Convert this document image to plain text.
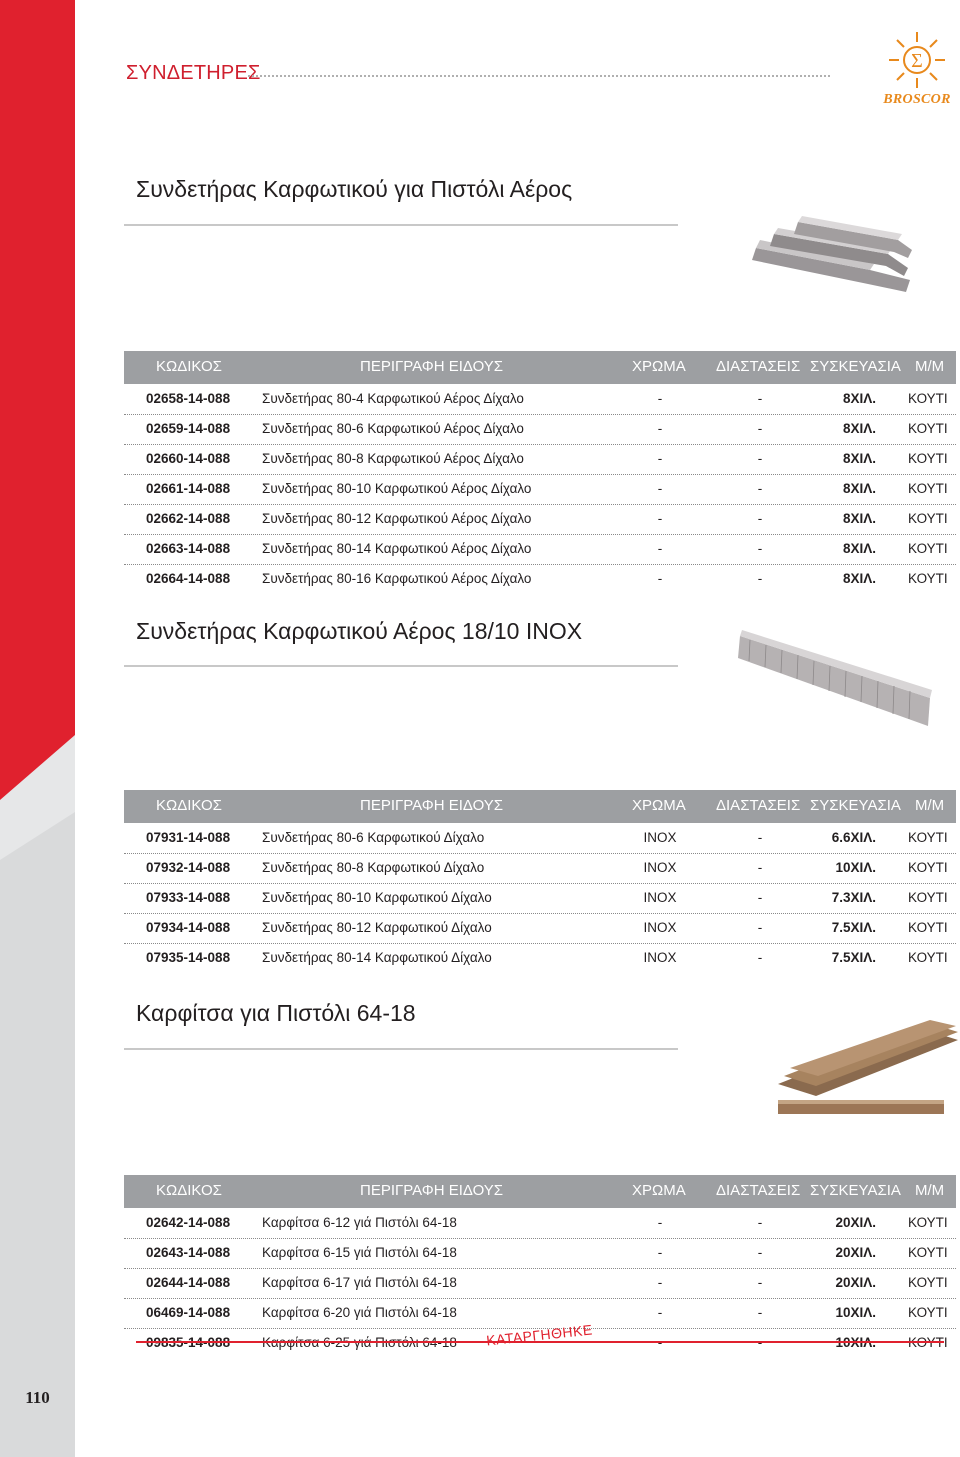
110
ΣΥΝΔΕΤΗΡΕΣ
Σ
BROSCOR
Συνδετήρας Καρφωτικού για Πιστόλι Αέρος
ΚΩΔΙΚΟΣ	ΠΕΡΙΓΡΑΦΗ ΕΙΔΟΥΣ	ΧΡΩΜΑ ΔΙΑΣΤΑΣΕΙΣ ΣΥΣΚΕΥΑΣΙΑ Μ/Μ
02658-14-088 Συνδετήρας 80-4 Καρφωτικού Αέρος Δίχαλο	-	-	8ΧΙΛ. ΚΟΥΤΙ
02659-14-088 Συνδετήρας 80-6 Καρφωτικού Αέρος Δίχαλο	-	-	8ΧΙΛ. ΚΟΥΤΙ
02660-14-088 Συνδετήρας 80-8 Καρφωτικού Αέρος Δίχαλο	-	-	8ΧΙΛ. ΚΟΥΤΙ
02661-14-088 Συνδετήρας 80-10 Καρφωτικού Αέρος Δίχαλο	-	-	8ΧΙΛ. ΚΟΥΤΙ
02662-14-088 Συνδετήρας 80-12 Καρφωτικού Αέρος Δίχαλο	-	-	8ΧΙΛ. ΚΟΥΤΙ
02663-14-088 Συνδετήρας 80-14 Καρφωτικού Αέρος Δίχαλο	-	-	8ΧΙΛ. ΚΟΥΤΙ
02664-14-088 Συνδετήρας 80-16 Καρφωτικού Αέρος Δίχαλο	-	-	8ΧΙΛ. ΚΟΥΤΙ
Συνδετήρας Καρφωτικού Αέρος 18/10 INOX
ΚΩΔΙΚΟΣ	ΠΕΡΙΓΡΑΦΗ ΕΙΔΟΥΣ	ΧΡΩΜΑ ΔΙΑΣΤΑΣΕΙΣ ΣΥΣΚΕΥΑΣΙΑ Μ/Μ
07931-14-088 Συνδετήρας 80-6 Καρφωτικού Δίχαλο	INOX	-	6.6ΧΙΛ. ΚΟΥΤΙ
07932-14-088 Συνδετήρας 80-8 Καρφωτικού Δίχαλο	INOX	-	10ΧΙΛ. ΚΟΥΤΙ
07933-14-088 Συνδετήρας 80-10 Καρφωτικού Δίχαλο	INOX	-	7.3ΧΙΛ. ΚΟΥΤΙ
07934-14-088 Συνδετήρας 80-12 Καρφωτικού Δίχαλο	INOX	-	7.5ΧΙΛ. ΚΟΥΤΙ
07935-14-088 Συνδετήρας 80-14 Καρφωτικού Δίχαλο	INOX	-	7.5ΧΙΛ. ΚΟΥΤΙ
Καρφίτσα για Πιστόλι 64-18
ΚΩΔΙΚΟΣ	ΠΕΡΙΓΡΑΦΗ ΕΙΔΟΥΣ	ΧΡΩΜΑ ΔΙΑΣΤΑΣΕΙΣ ΣΥΣΚΕΥΑΣΙΑ Μ/Μ
02642-14-088 Καρφίτσα 6-12 γιά Πιστόλι 64-18	-	-	20ΧΙΛ. ΚΟΥΤΙ
02643-14-088 Καρφίτσα 6-15 γιά Πιστόλι 64-18	-	-	20ΧΙΛ. ΚΟΥΤΙ
02644-14-088 Καρφίτσα 6-17 γιά Πιστόλι 64-18	-	-	20ΧΙΛ. ΚΟΥΤΙ
06469-14-088 Καρφίτσα 6-20 γιά Πιστόλι 64-18	-	-	10ΧΙΛ. ΚΟΥΤΙ
09835-14-088 Καρφίτσα 6-25 γιά Πιστόλι 64-18	-	-	10ΧΙΛ. ΚΟΥΤΙ
ΚΑΤΑΡΓΗΘΗΚΕ
